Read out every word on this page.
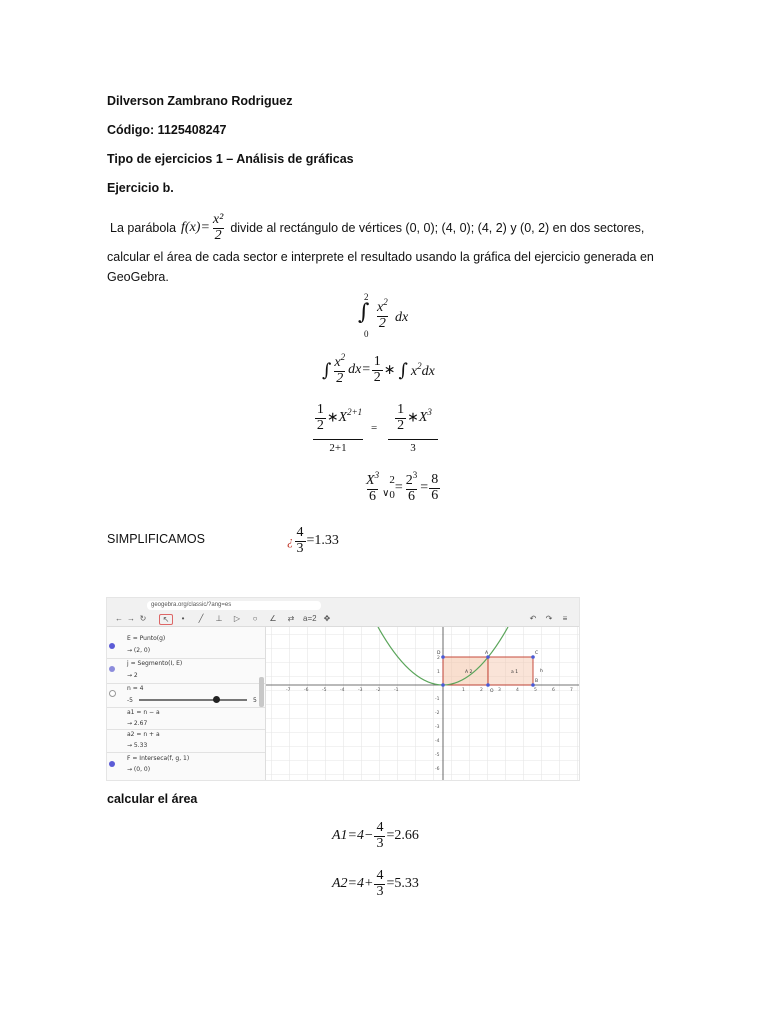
Dilverson Zambrano Rodriguez
Código: 1125408247
Tipo de ejercicios 1 – Análisis de gráficas
Ejercicio b.
La parábola $f(x)= \frac{\text{x²}}{2}$ divide al rectángulo de vértices (0, 0); (4, 0); (4, 2) y (0, 2) en dos sectores,
calcular el área de cada sector e interprete el resultado usando la gráfica del ejercicio generada en
GeoGebra.
2
∫
0
$\frac{x^2}{2}$ dx
∫ $\frac{x^2}{2} dx= \frac{1}{2}$ ∗ ∫ $x^2dx$
$\frac{1}{2}$ $∗X^{2+1}$
2+1
= $\frac{1}{2}$ $∗X^3$
3
$\frac{X^3}{6}$
∨
2
$0 = \frac{2^3}{6} = \frac{8}{6}$
SIMPLIFICAMOS	¿ $\frac{4}{3} =1.33$
geogebra.org/classic/?ang=es
← → ↻	↖	•	╱	⊥	▷	○	∠	⇄	a=2 ✥	↶	↷	≡
E = Punto(g)
→ (2, 0)
j = Segmento(I, E)
→ 2
n = 4
-5	5
a1 = n − a
→ 2.67
a2 = n + a
→ 5.33
F = Interseca(f, g, 1)
→ (0, 0)
-7	-6	-5	-4	-3	-2	-1	1	2	3	4	5	6	7
2
1
-1
-2
-3
-4
-5
-6
A 2	a 1
D	A	C
B
O
h
calcular el área
$A1=4- \frac{4}{3} =2.66$
$A2=4+ \frac{4}{3} =5.33$
